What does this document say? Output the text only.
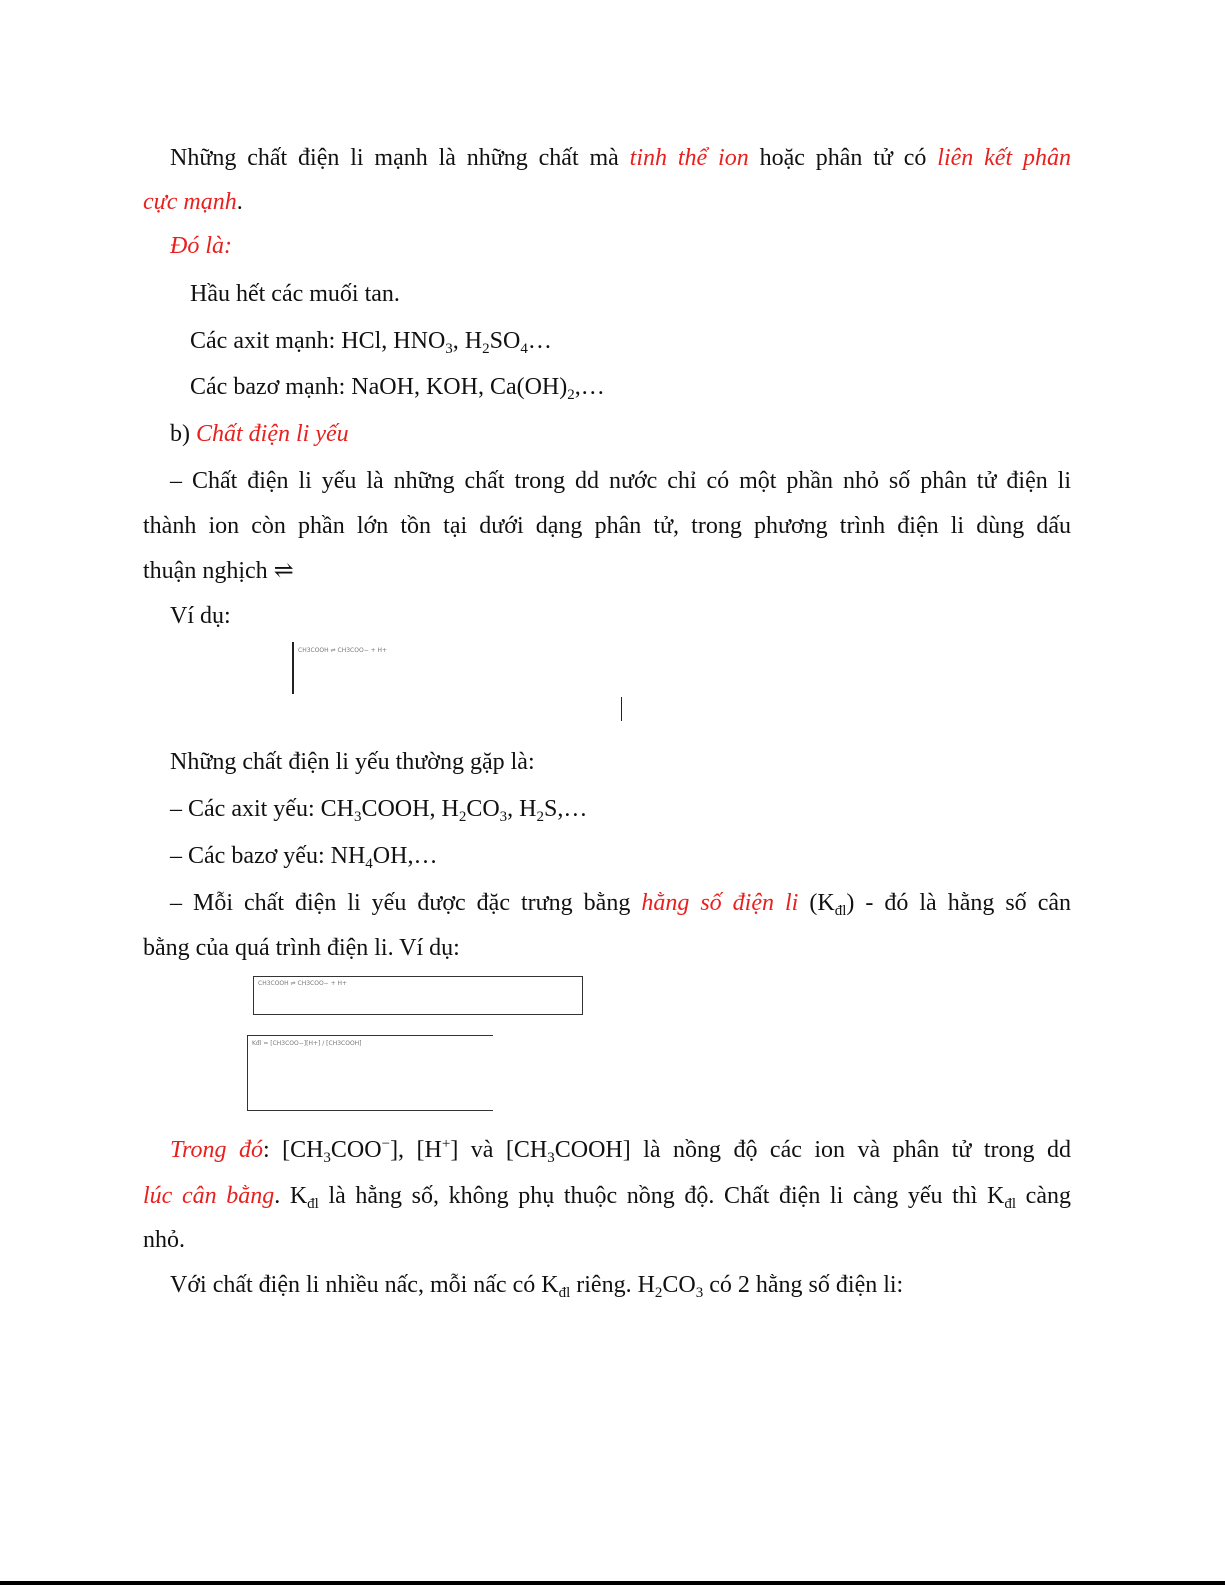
Những chất điện li mạnh là những chất mà tinh thể ion hoặc phân tử có liên kết phân
cực mạnh.
Đó là:
Hầu hết các muối tan.
Các axit mạnh: HCl, $HNO_3$, $H_2SO_4\dots$
Các bazơ mạnh: NaOH, KOH, $Ca(OH)_2,\dots$
b) Chất điện li yếu
– Chất điện li yếu là những chất trong dd nước chỉ có một phần nhỏ số phân tử điện li
thành ion còn phần lớn tồn tại dưới dạng phân tử, trong phương trình điện li dùng dấu
thuận nghịch ⇌
Ví dụ:
CH3COOH ⇌ CH3COO− + H+
Những chất điện li yếu thường gặp là:
– Các axit yếu: $CH_3COOH$, $H_2CO_3$, $H_2S,\dots$
– Các bazơ yếu: $NH_4OH,\dots$
– Mỗi chất điện li yếu được đặc trưng bằng hằng số điện li $(K_{đl})$ - đó là hằng số cân
bằng của quá trình điện li. Ví dụ:
CH3COOH ⇌ CH3COO− + H+
Kđl = [CH3COO−][H+] / [CH3COOH]
Trong đó: $[CH_3COO^-]$, [H+] và $[CH_3COOH]$ là nồng độ các ion và phân tử trong dd
lúc cân bằng. $K_{đl}$ là hằng số, không phụ thuộc nồng độ. Chất điện li càng yếu thì $K_{đl}$ càng
nhỏ.
Với chất điện li nhiều nấc, mỗi nấc có $K_{đl}$ riêng. $H_2CO_3$ có 2 hằng số điện li:
